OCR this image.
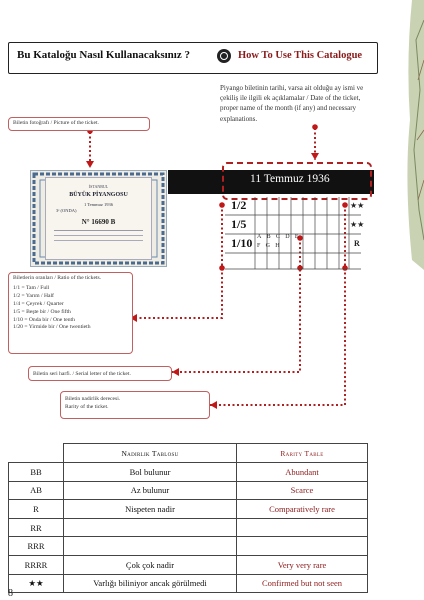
Bu Kataloğu Nasıl Kullanacaksınız ?	How To Use This Catalogue
Piyango biletinin tarihi, varsa ait olduğu ay ismi ve çekiliş ile ilgili ek açıklamalar / Date of the ticket, proper name of the month (if any) and necessary explanations.
Biletin fotoğrafı / Picture of the ticket.
İSTANBUL
BÜYÜK PİYANGOSU
1 Temmuz 1936
3ᵉ (ONDA)
N° 16690 B
11 Temmuz 1936
1/2
1/5
1/10 ABCDE
FGH
★★
★★
R
Biletlerin oranları / Ratio of the tickets.
1/1 = Tam / Full
1/2 = Yarım / Half
1/4 = Çeyrek / Quarter
1/5 = Beşte bir / One fifth
1/10 = Onda bir / One tenth
1/20 = Yirmide bir / One twentieth
Biletin seri harfi. / Serial letter of the ticket.
Biletin nadirlik derecesi.
Rarity of the ticket.
	Nadirlik Tablosu	Rarity Table
BB	Bol bulunur	Abundant
AB	Az bulunur	Scarce
R	Nispeten nadir	Comparatively rare
RR		
RRR		
RRRR	Çok çok nadir	Very very rare
★★	Varlığı biliniyor ancak görülmedi	Confirmed but not seen
8
